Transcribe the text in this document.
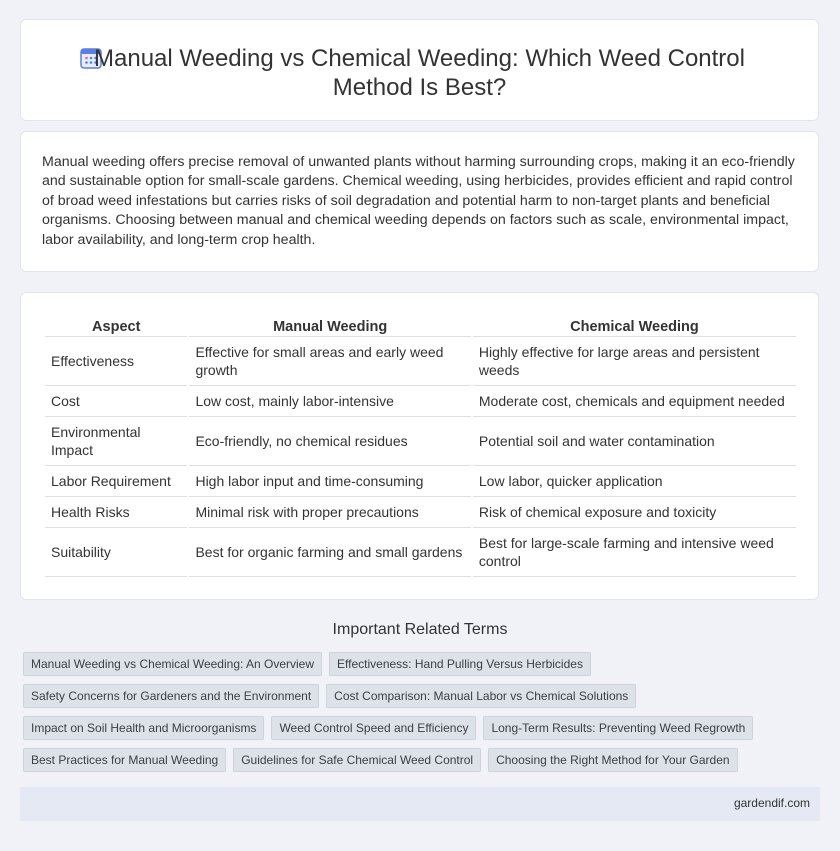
Manual Weeding vs Chemical Weeding: Which Weed Control Method Is Best?

Manual weeding offers precise removal of unwanted plants without harming surrounding crops, making it an eco-friendly and sustainable option for small-scale gardens. Chemical weeding, using herbicides, provides efficient and rapid control of broad weed infestations but carries risks of soil degradation and potential harm to non-target plants and beneficial organisms. Choosing between manual and chemical weeding depends on factors such as scale, environmental impact, labor availability, and long-term crop health.

Aspect	Manual Weeding	Chemical Weeding
Effectiveness	Effective for small areas and early weed growth	Highly effective for large areas and persistent weeds
Cost	Low cost, mainly labor-intensive	Moderate cost, chemicals and equipment needed
Environmental Impact	Eco-friendly, no chemical residues	Potential soil and water contamination
Labor Requirement	High labor input and time-consuming	Low labor, quicker application
Health Risks	Minimal risk with proper precautions	Risk of chemical exposure and toxicity
Suitability	Best for organic farming and small gardens	Best for large-scale farming and intensive weed control
Important Related Terms
Manual Weeding vs Chemical Weeding: An Overview	Effectiveness: Hand Pulling Versus Herbicides
Safety Concerns for Gardeners and the Environment	Cost Comparison: Manual Labor vs Chemical Solutions
Impact on Soil Health and Microorganisms	Weed Control Speed and Efficiency	Long-Term Results: Preventing Weed Regrowth
Best Practices for Manual Weeding	Guidelines for Safe Chemical Weed Control	Choosing the Right Method for Your Garden
gardendif.com
